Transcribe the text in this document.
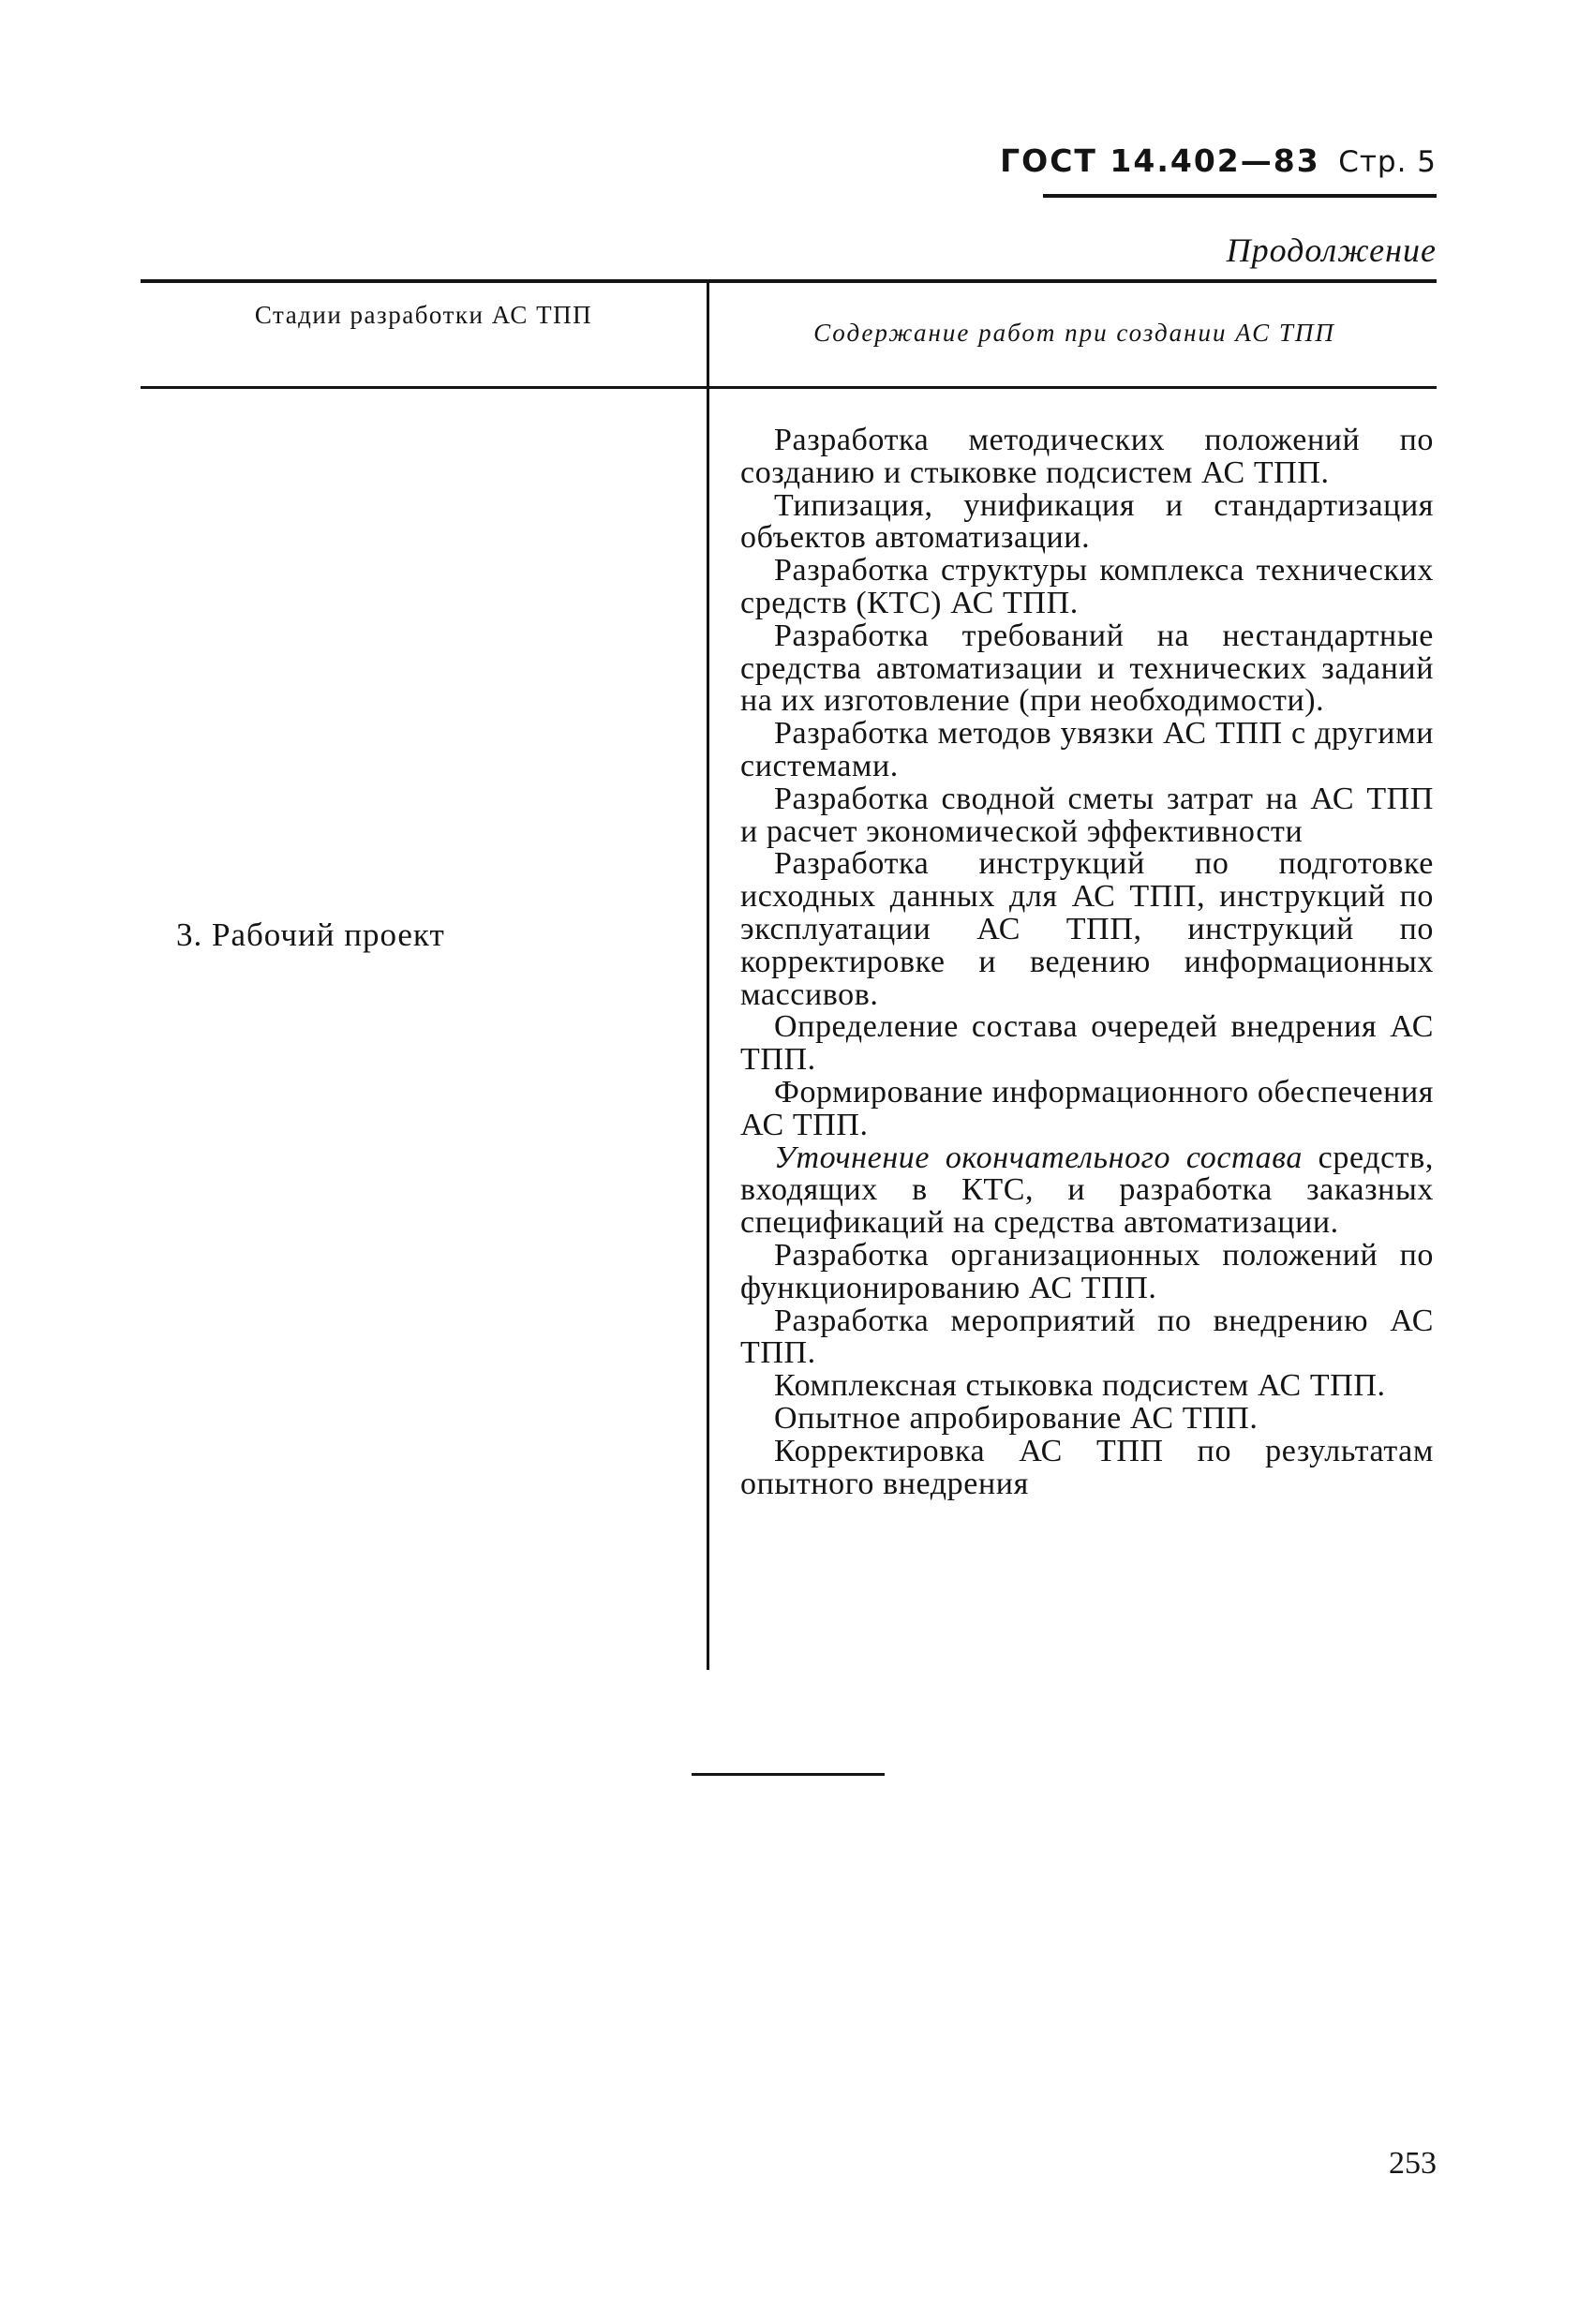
ГОСТ 14.402—83 Стр. 5
Продолжение
Стадии разработки АС ТПП
Содержание работ при создании АС ТПП
3. Рабочий проект

Разработка методических положений по созданию и стыковке подсистем АС ТПП.

Типизация, унификация и стандартизация объектов автоматизации.

Разработка структуры комплекса технических средств (КТС) АС ТПП.

Разработка требований на нестандартные средства автоматизации и технических заданий на их изготовление (при необходимости).

Разработка методов увязки АС ТПП с другими системами.

Разработка сводной сметы затрат на АС ТПП и расчет экономической эффективности

Разработка инструкций по подготовке исходных данных для АС ТПП, инструкций по эксплуатации АС ТПП, инструкций по корректировке и ведению информационных массивов.

Определение состава очередей внедрения АС ТПП.

Формирование информационного обеспечения АС ТПП.

Уточнение окончательного состава средств, входящих в КТС, и разработка заказных спецификаций на средства автоматизации.

Разработка организационных положений по функционированию АС ТПП.

Разработка мероприятий по внедрению АС ТПП.

Комплексная стыковка подсистем АС ТПП.

Опытное апробирование АС ТПП.

Корректировка АС ТПП по результатам опытного внедрения

253
